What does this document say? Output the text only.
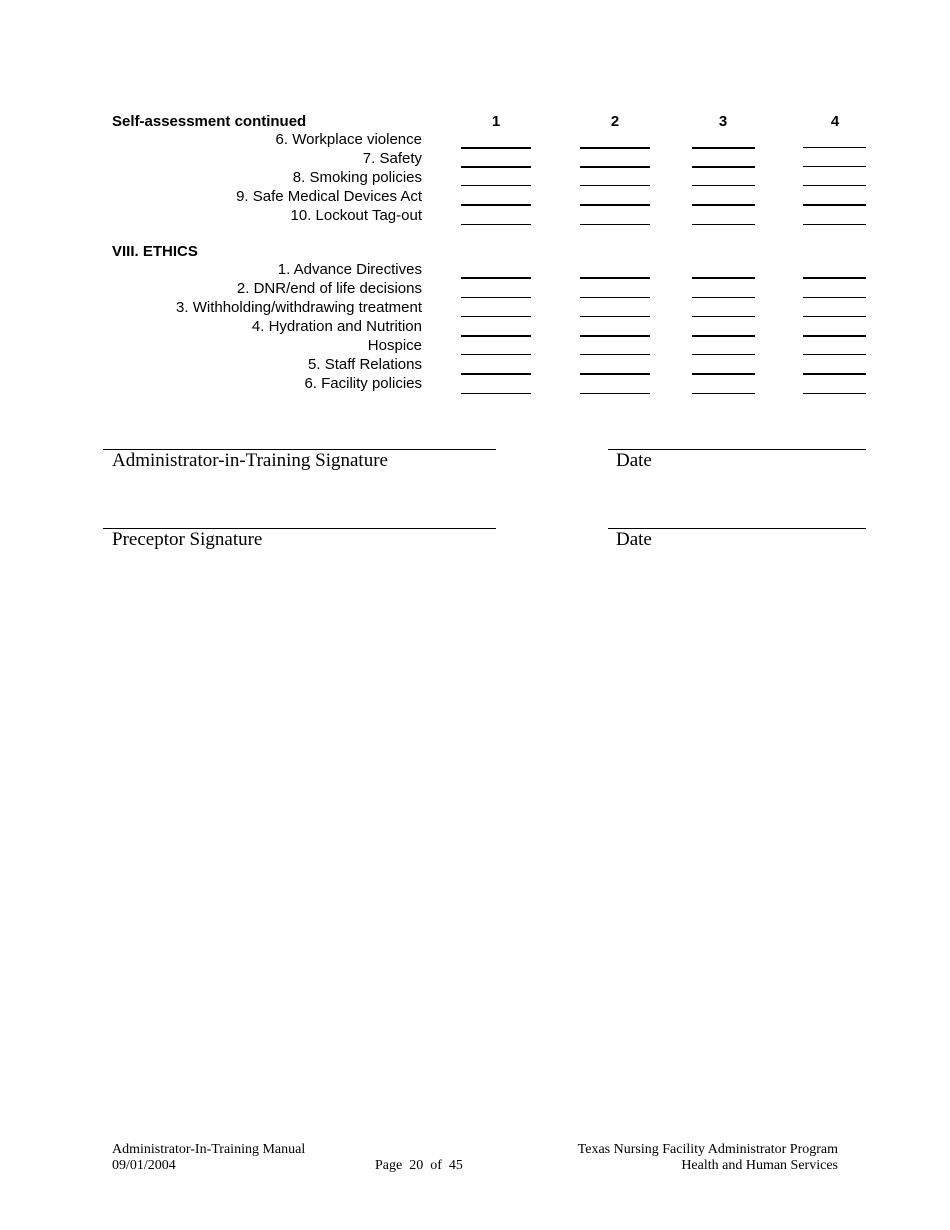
Self-assessment continued	1	2	3	4
6. Workplace violence
7. Safety
8. Smoking policies
9. Safe Medical Devices Act
10. Lockout Tag-out
VIII. ETHICS
1. Advance Directives
2. DNR/end of life decisions
3. Withholding/withdrawing treatment
4. Hydration and Nutrition
Hospice
5. Staff Relations
6. Facility policies
Administrator-in-Training Signature	Date
Preceptor Signature	Date
Administrator-In-Training Manual
09/01/2004	Page 20 of 45
Texas Nursing Facility Administrator Program
Health and Human Services
